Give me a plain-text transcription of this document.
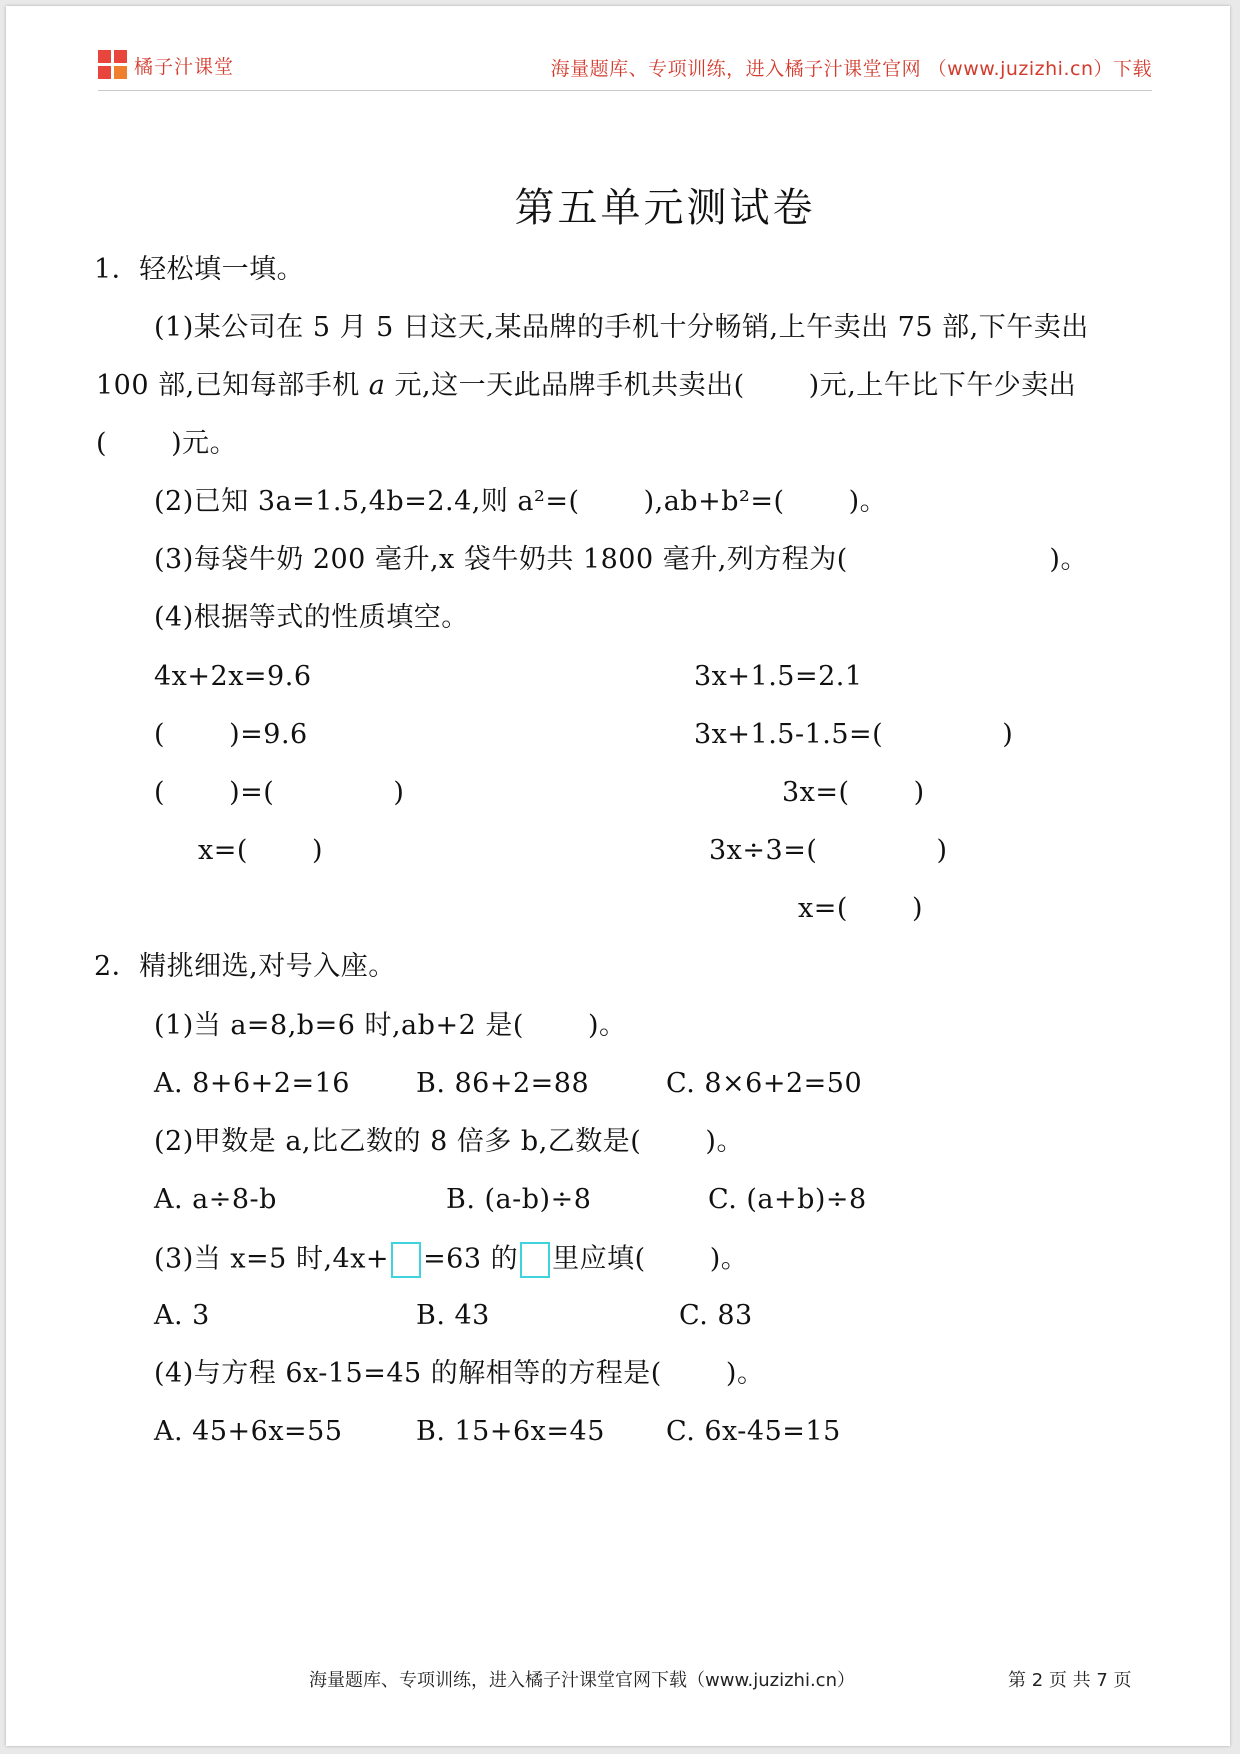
橘子汁课堂	海量题库、专项训练，进入橘子汁课堂官网 （www.juzizhi.cn）下载
第五单元测试卷
1．轻松填一填。
(1)某公司在 5 月 5 日这天,某品牌的手机十分畅销,上午卖出 75 部,下午卖出
100 部,已知每部手机 a 元,这一天此品牌手机共卖出(　　 )元,上午比下午少卖出
(　　 )元。
(2)已知 3a=1.5,4b=2.4,则 a²=(　　 ),ab+b²=(　　 )。
(3)每袋牛奶 200 毫升,x 袋牛奶共 1800 毫升,列方程为(　　　　　　　 )。
(4)根据等式的性质填空。
4x+2x=9.6
(　　 )=9.6
(　　 )=(　　　　 )
x=(　　 )
3x+1.5=2.1
3x+1.5-1.5=(　　　　 )
3x=(　　 )
3x÷3=(　　　　 )
x=(　　 )
2．精挑细选,对号入座。
(1)当 a=8,b=6 时,ab+2 是(　　 )。
A. 8+6+2=16 B. 86+2=88	C. 8×6+2=50
(2)甲数是 a,比乙数的 8 倍多 b,乙数是(　　 )。
A. a÷8-b	B. (a-b)÷8	C. (a+b)÷8
(3)当 x=5 时,4x+ =63 的 里应填(　　 )。
A. 3	B. 43	C. 83
(4)与方程 6x-15=45 的解相等的方程是(　　 )。
A. 45+6x=55	B. 15+6x=45 C. 6x-45=15
海量题库、专项训练，进入橘子汁课堂官网下载（www.juzizhi.cn）	第 2 页 共 7 页
